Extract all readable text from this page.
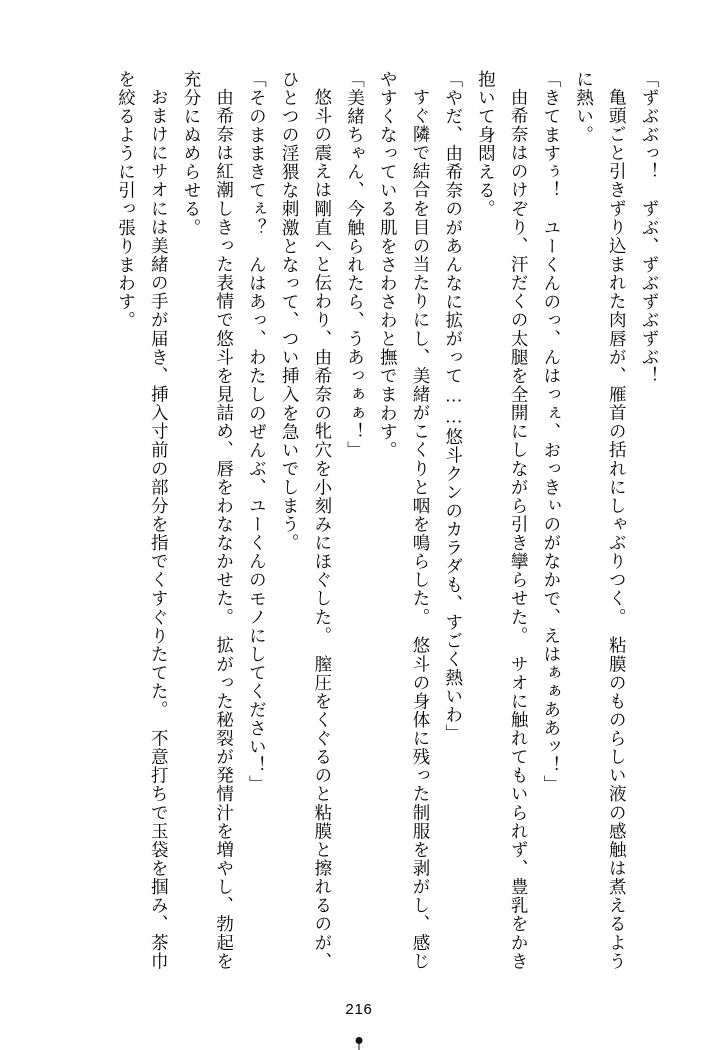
「ずぶぶっ！　ずぶ、ずぶずぶずぶ！

亀頭ごと引きずり込まれた肉唇が、雁首の括れにしゃぶりつく。　粘膜のものらしい液の感触は煮えるように熱い。

「きてますぅ！　ユーくんのっ、んはっぇ、おっきぃのがなかで、えはぁぁああッ！」

由希奈はのけぞり、汗だくの太腿を全開にしながら引き攣らせた。　サオに触れてもいられず、豊乳をかき抱いて身悶える。

「やだ、由希奈のがあんなに拡がって……悠斗クンのカラダも、すごく熱いわ」

すぐ隣で結合を目の当たりにし、美緒がこくりと咽を鳴らした。　悠斗の身体に残った制服を剥がし、感じやすくなっている肌をさわさわと撫でまわす。

「美緒ちゃん、今触られたら、うあっぁぁ！」

悠斗の震えは剛直へと伝わり、由希奈の牝穴を小刻みにほぐした。　膣圧をくぐるのと粘膜と擦れるのが、ひとつの淫猥な刺激となって、つい挿入を急いでしまう。

「そのままきてぇ？　んはあっ、わたしのぜんぶ、ユーくんのモノにしてください！」

由希奈は紅潮しきった表情で悠斗を見詰め、唇をわななかせた。　拡がった秘裂が発情汁を増やし、勃起を充分にぬめらせる。

おまけにサオには美緒の手が届き、挿入寸前の部分を指でくすぐりたてた。　不意打ちで玉袋を掴み、茶巾を絞るように引っ張りまわす。

216
